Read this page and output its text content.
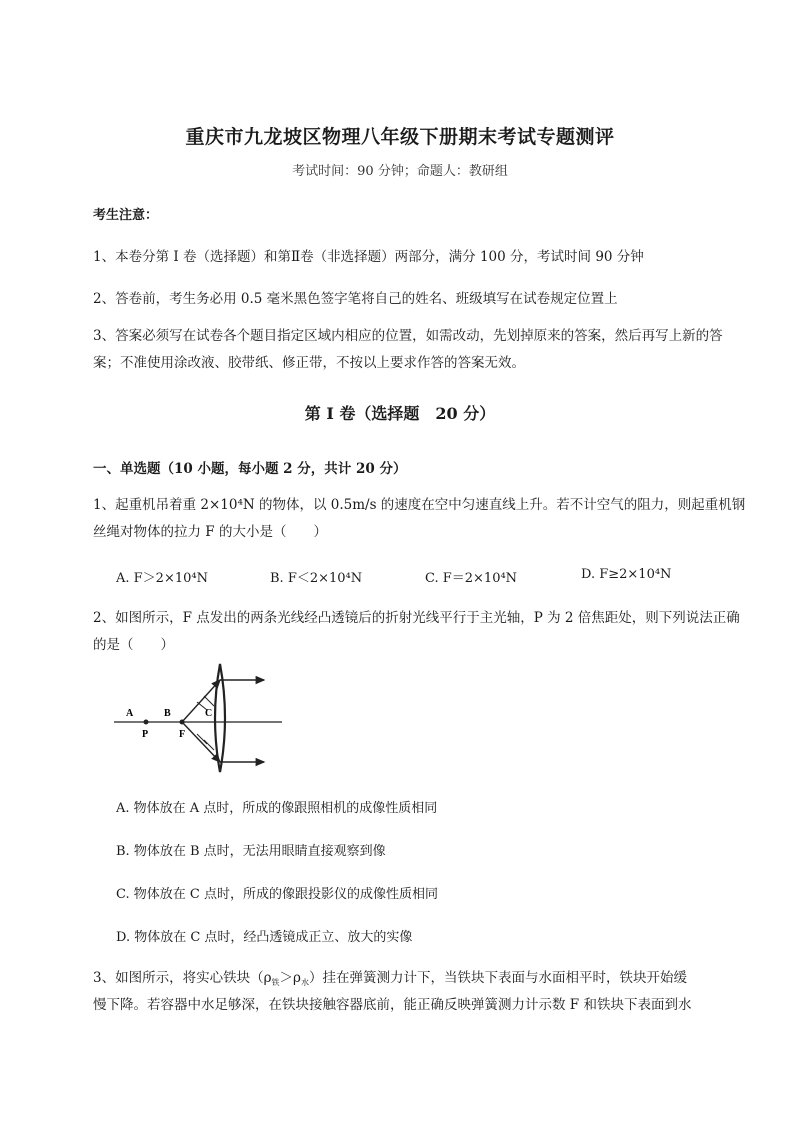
重庆市九龙坡区物理八年级下册期末考试专题测评
考试时间：90 分钟；命题人：教研组
考生注意：
1、本卷分第 I 卷（选择题）和第Ⅱ卷（非选择题）两部分，满分 100 分，考试时间 90 分钟
2、答卷前，考生务必用 0.5 毫米黑色签字笔将自己的姓名、班级填写在试卷规定位置上
3、答案必须写在试卷各个题目指定区域内相应的位置，如需改动，先划掉原来的答案，然后再写上新的答案；不准使用涂改液、胶带纸、修正带，不按以上要求作答的答案无效。
第 I 卷（选择题　20 分）
一、单选题（10 小题，每小题 2 分，共计 20 分）
1、起重机吊着重 2×10⁴N 的物体，以 0.5m/s 的速度在空中匀速直线上升。若不计空气的阻力，则起重机钢丝绳对物体的拉力 F 的大小是（　　）
A. F＞2×10⁴N	B. F＜2×10⁴N	C. F＝2×10⁴N	D. F≥2×10⁴N
2、如图所示，F 点发出的两条光线经凸透镜后的折射光线平行于主光轴，P 为 2 倍焦距处，则下列说法正确的是（　　）
A
P
B
F
C
A. 物体放在 A 点时，所成的像跟照相机的成像性质相同
B. 物体放在 B 点时，无法用眼睛直接观察到像
C. 物体放在 C 点时，所成的像跟投影仪的成像性质相同
D. 物体放在 C 点时，经凸透镜成正立、放大的实像
3、如图所示，将实心铁块$(\rho_铁>\rho_水)$挂在弹簧测力计下，当铁块下表面与水面相平时，铁块开始缓
慢下降。若容器中水足够深，在铁块接触容器底前，能正确反映弹簧测力计示数 F 和铁块下表面到水
